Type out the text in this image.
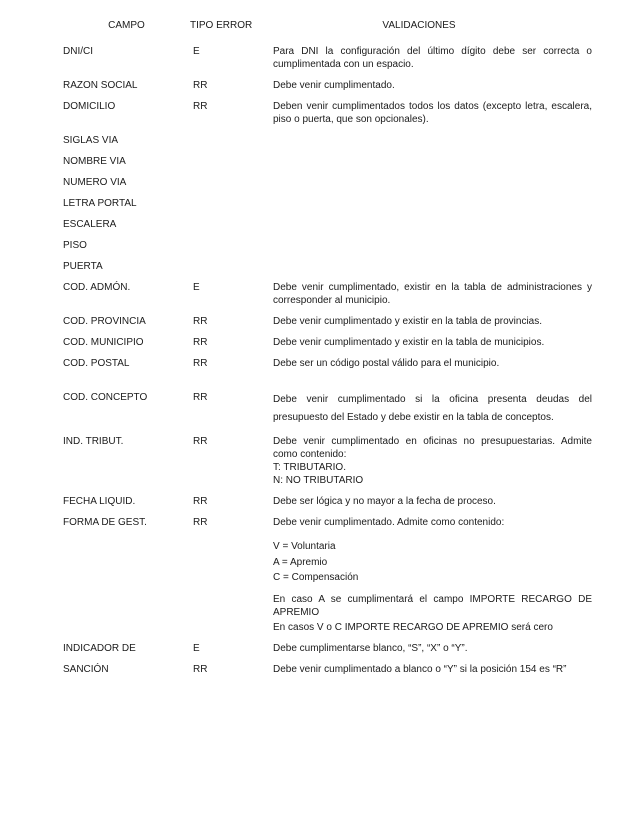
CAMPO	TIPO ERROR	VALIDACIONES
DNI/CI	E	Para DNI la configuración del último dígito debe ser correcta o cumplimentada con un espacio.

RAZON SOCIAL	RR	Debe venir cumplimentado.

DOMICILIO	RR	Deben venir cumplimentados todos los datos (excepto letra, escalera, piso o puerta, que son opcionales).

SIGLAS VIA
NOMBRE VIA
NUMERO VIA
LETRA PORTAL
ESCALERA
PISO
PUERTA
COD. ADMÓN.	E	Debe venir cumplimentado, existir en la tabla de administraciones y corresponder al municipio.

COD. PROVINCIA	RR	Debe venir cumplimentado y existir en la tabla de provincias.

COD. MUNICIPIO	RR	Debe venir cumplimentado y existir en la tabla de municipios.

COD. POSTAL	RR	Debe ser un código postal válido para el municipio.

COD. CONCEPTO	RR	Debe venir cumplimentado si la oficina presenta deudas del presupuesto del Estado y debe existir en la tabla de conceptos.

IND. TRIBUT.	RR	Debe venir cumplimentado en oficinas no presupuestarias. Admite como contenido:

T: TRIBUTARIO.
N: NO TRIBUTARIO

FECHA LIQUID.	RR	Debe ser lógica y no mayor a la fecha de proceso.

FORMA DE GEST.	RR	Debe venir cumplimentado. Admite como contenido:

V = Voluntaria
A = Apremio
C = Compensación

En caso A se cumplimentará el campo IMPORTE RECARGO DE APREMIO

En casos V o C IMPORTE RECARGO DE APREMIO será cero

INDICADOR DE	E	Debe cumplimentarse blanco, “S”, “X” o “Y”.

SANCIÓN	RR	Debe venir cumplimentado a blanco o “Y” si la posición 154 es “R”
